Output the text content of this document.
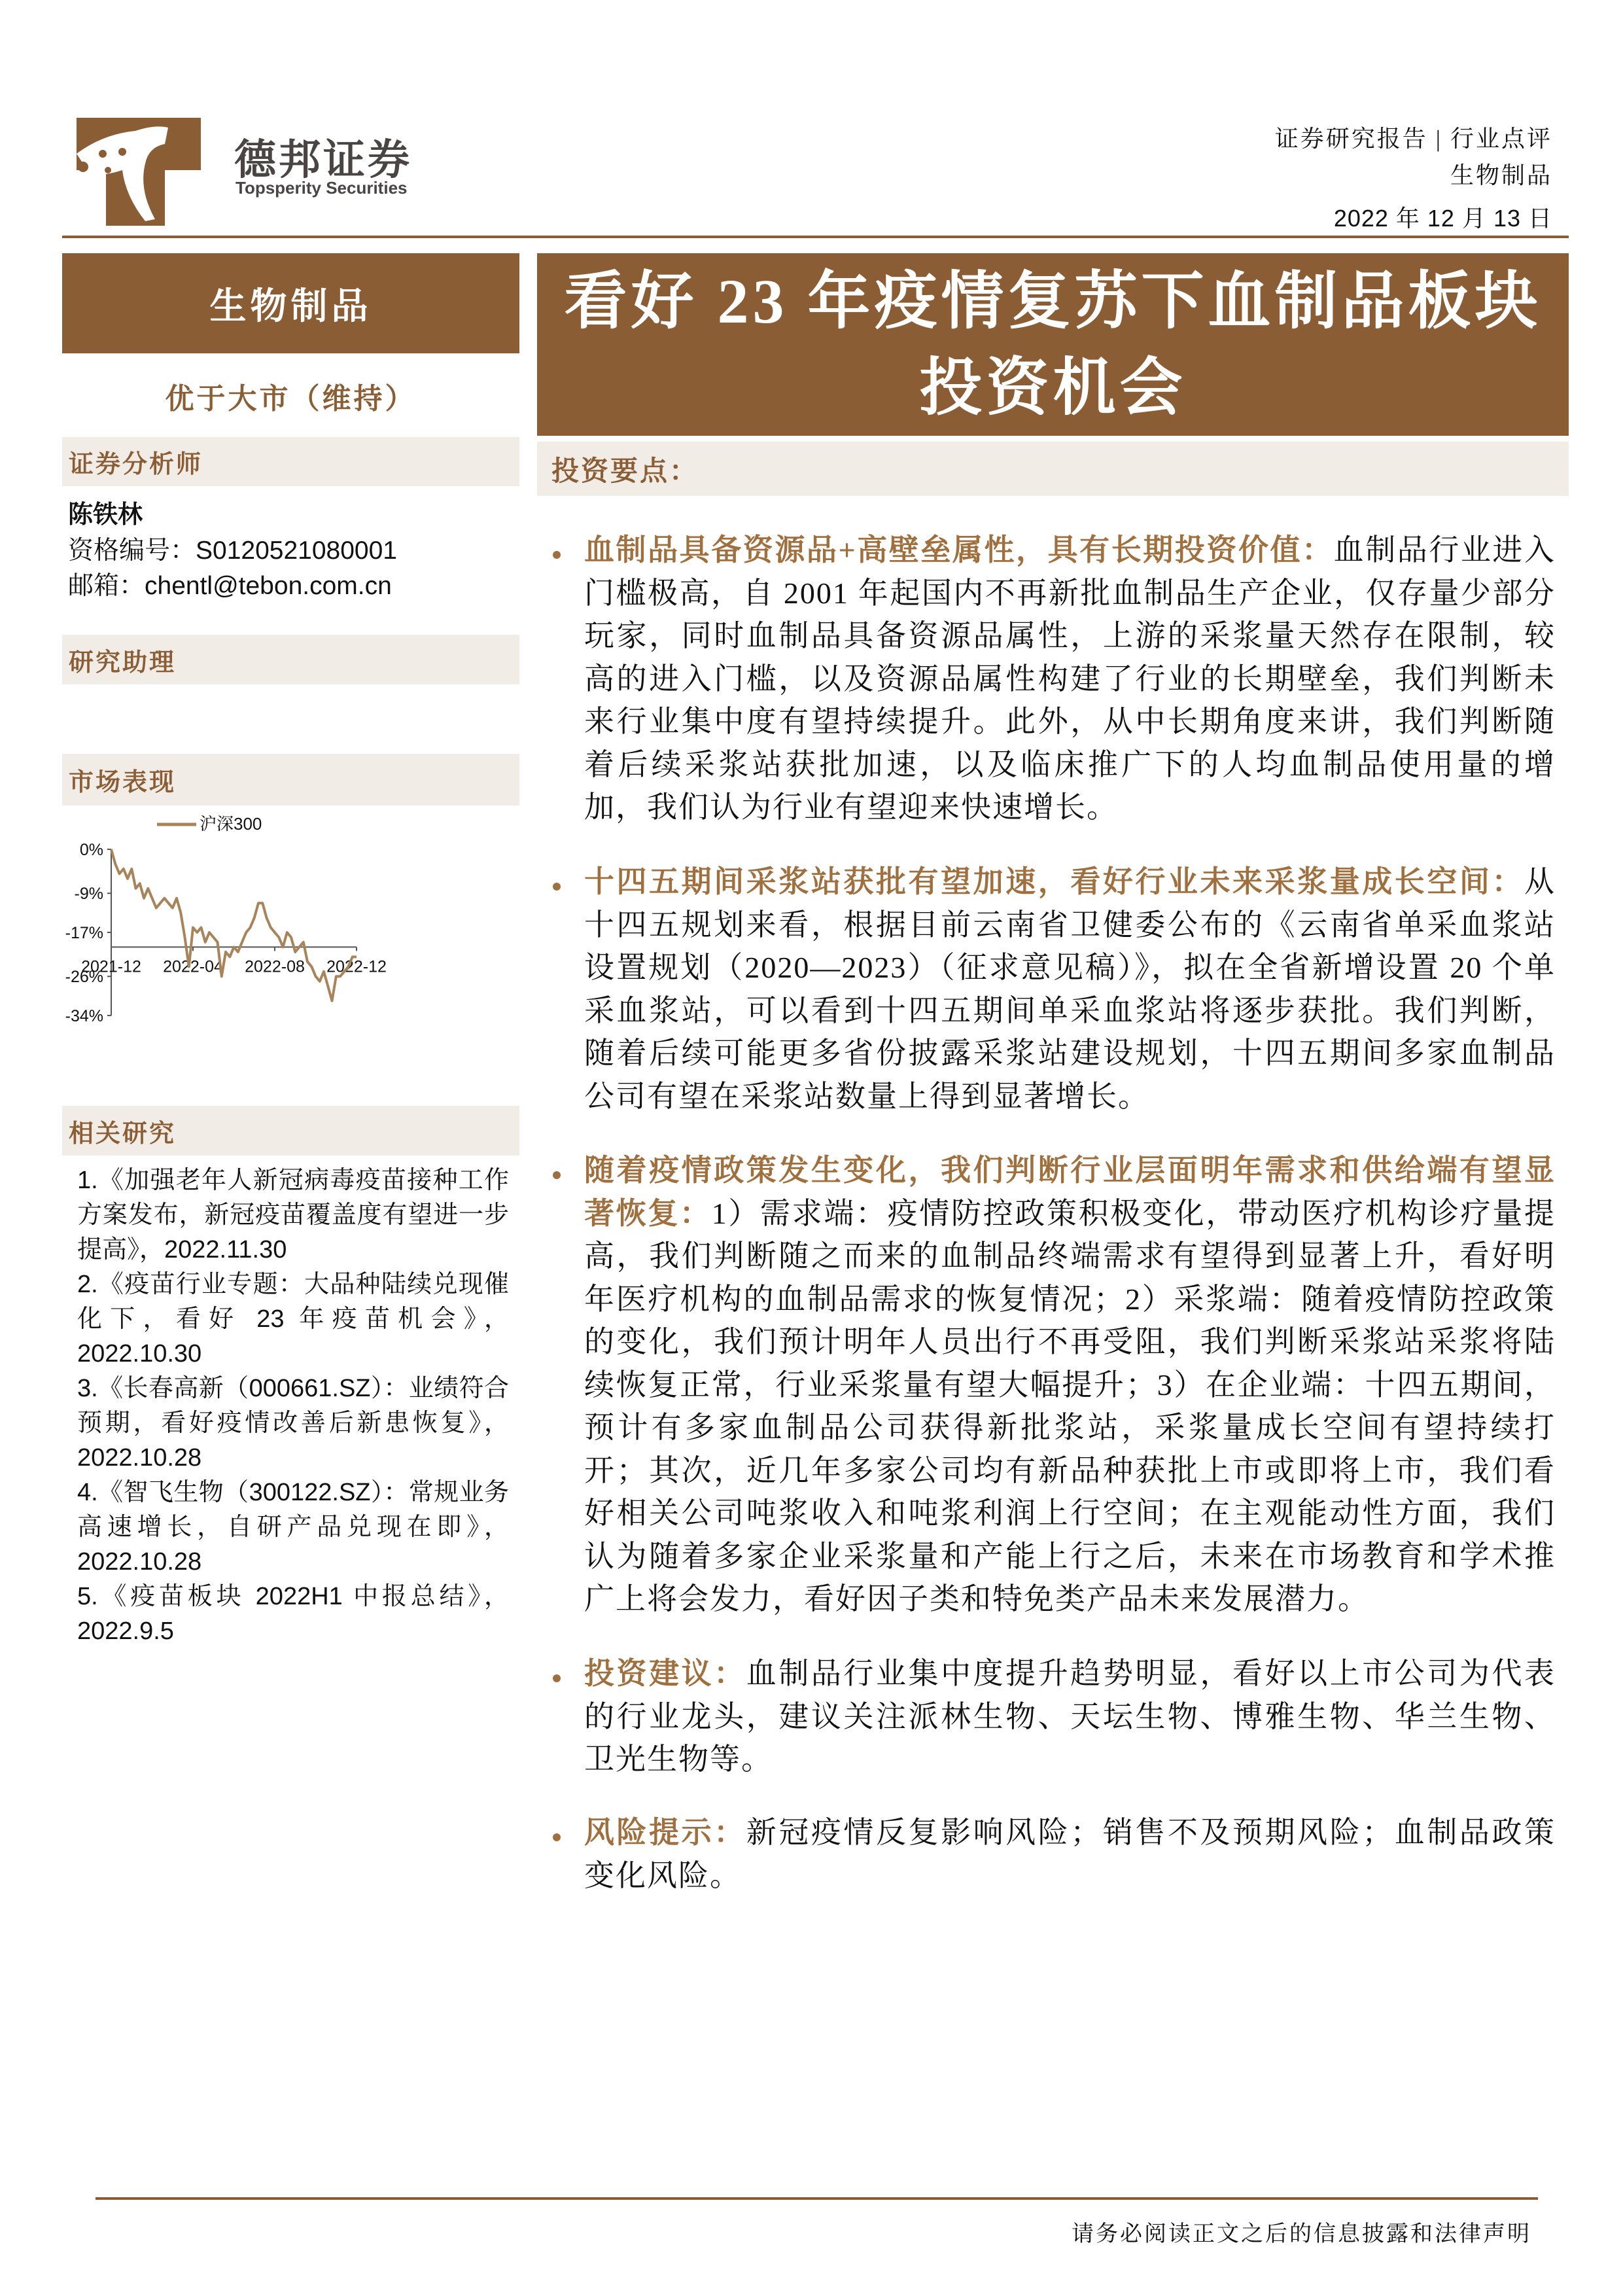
德邦证券
Topsperity Securities
证券研究报告 | 行业点评
生物制品
2022 年 12 月 13 日
生物制品
优于大市（维持）
证券分析师
陈铁林
资格编号：S0120521080001
邮箱：chentl@tebon.com.cn
研究助理
市场表现
沪深300
0%
-9%
-17%
-26%
-34%
2021-12 2022-04 2022-08 2022-12
相关研究
1.《加强老年人新冠病毒疫苗接种工作方案发布，新冠疫苗覆盖度有望进一步提高》，2022.11.30
2.《疫苗行业专题：大品种陆续兑现催化下，看好 23 年疫苗机会》，2022.10.30
3.《长春高新（000661.SZ）：业绩符合预期，看好疫情改善后新患恢复》，2022.10.28
4.《智飞生物（300122.SZ）：常规业务高速增长，自研产品兑现在即》，2022.10.28
5.《疫苗板块 2022H1 中报总结》，2022.9.5
看好 23 年疫情复苏下血制品板块投资机会
投资要点：
血制品具备资源品+高壁垒属性，具有长期投资价值：血制品行业进入门槛极高，自 2001 年起国内不再新批血制品生产企业，仅存量少部分玩家，同时血制品具备资源品属性，上游的采浆量天然存在限制，较高的进入门槛，以及资源品属性构建了行业的长期壁垒，我们判断未来行业集中度有望持续提升。此外，从中长期角度来讲，我们判断随着后续采浆站获批加速，以及临床推广下的人均血制品使用量的增加，我们认为行业有望迎来快速增长。
十四五期间采浆站获批有望加速，看好行业未来采浆量成长空间：从十四五规划来看，根据目前云南省卫健委公布的《云南省单采血浆站设置规划（2020—2023）（征求意见稿）》，拟在全省新增设置 20 个单采血浆站，可以看到十四五期间单采血浆站将逐步获批。我们判断，随着后续可能更多省份披露采浆站建设规划，十四五期间多家血制品公司有望在采浆站数量上得到显著增长。
随着疫情政策发生变化，我们判断行业层面明年需求和供给端有望显著恢复：1）需求端：疫情防控政策积极变化，带动医疗机构诊疗量提高，我们判断随之而来的血制品终端需求有望得到显著上升，看好明年医疗机构的血制品需求的恢复情况；2）采浆端：随着疫情防控政策的变化，我们预计明年人员出行不再受阻，我们判断采浆站采浆将陆续恢复正常，行业采浆量有望大幅提升；3）在企业端：十四五期间，预计有多家血制品公司获得新批浆站，采浆量成长空间有望持续打开；其次，近几年多家公司均有新品种获批上市或即将上市，我们看好相关公司吨浆收入和吨浆利润上行空间；在主观能动性方面，我们认为随着多家企业采浆量和产能上行之后，未来在市场教育和学术推广上将会发力，看好因子类和特免类产品未来发展潜力。
投资建议：血制品行业集中度提升趋势明显，看好以上市公司为代表的行业龙头，建议关注派林生物、天坛生物、博雅生物、华兰生物、卫光生物等。
风险提示：新冠疫情反复影响风险；销售不及预期风险；血制品政策变化风险。
请务必阅读正文之后的信息披露和法律声明
